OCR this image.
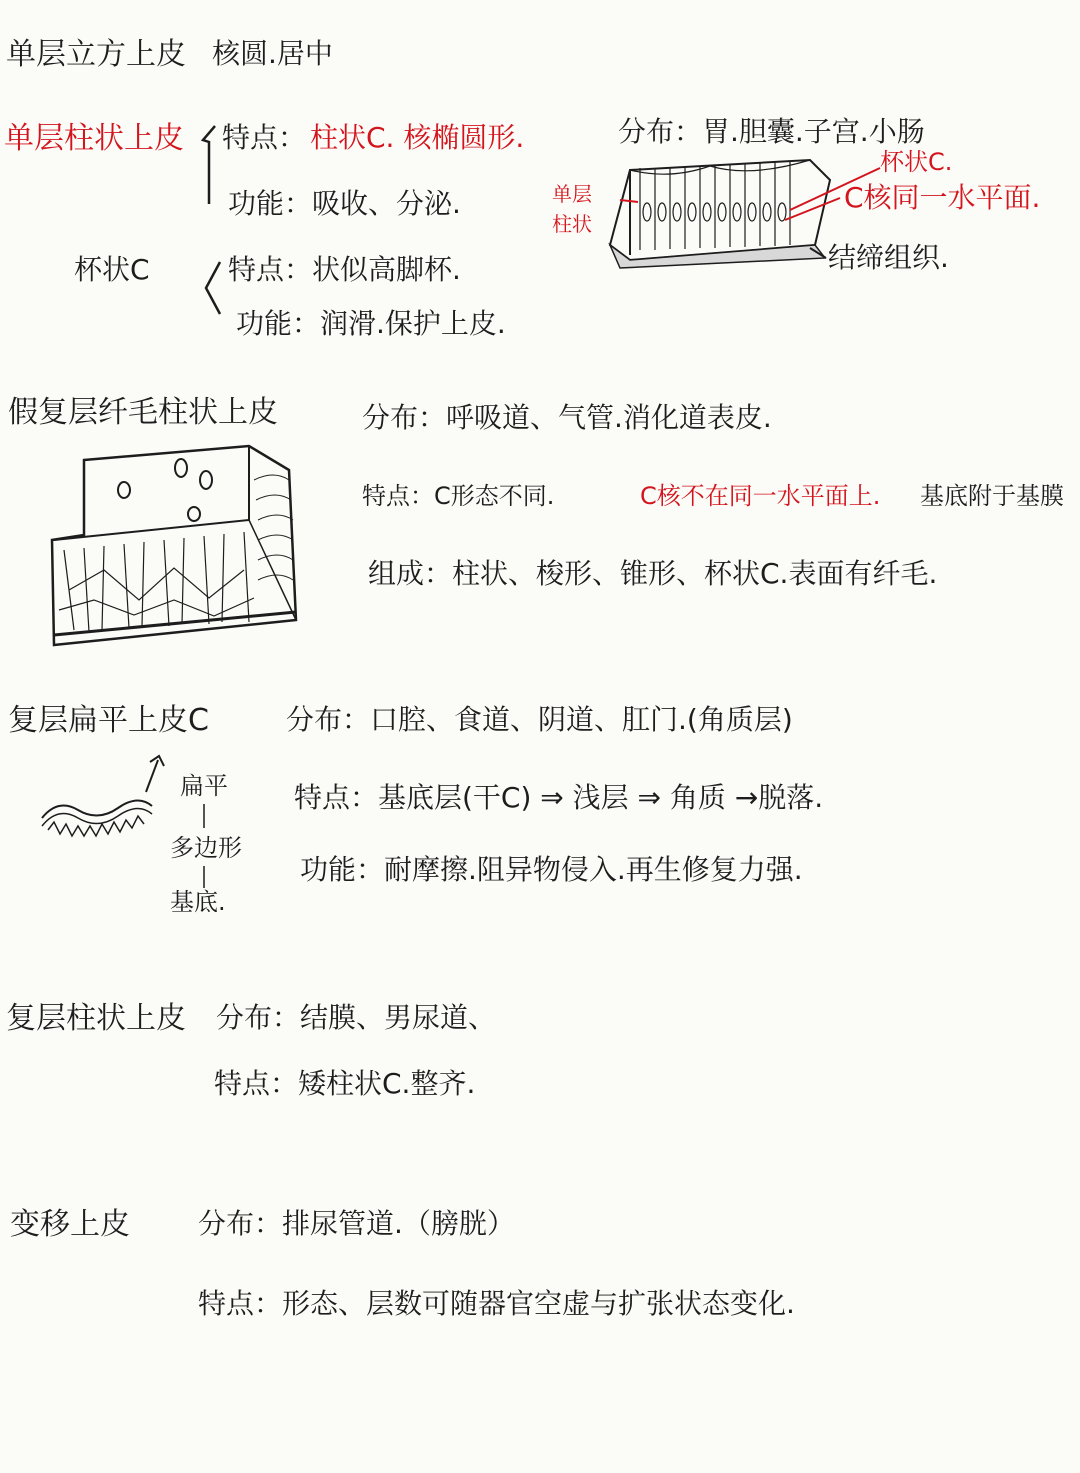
单层立方上皮 核圆.居中
单层柱状上皮 特点： 柱状C. 核椭圆形.	分布：胃.胆囊.子宫.小肠
功能：吸收、分泌.
杯状C	特点：状似高脚杯.
功能：润滑.保护上皮.
单层
柱状
杯状C.
C核同一水平面.
结缔组织.
假复层纤毛柱状上皮	分布：呼吸道、气管.消化道表皮.
特点：C形态不同.	C核不在同一水平面上. 基底附于基膜
组成：柱状、梭形、锥形、杯状C.表面有纤毛.
复层扁平上皮C	分布：口腔、食道、阴道、肛门.(角质层)
特点：基底层(干C) ⇒ 浅层 ⇒ 角质 →脱落.
功能：耐摩擦.阻异物侵入.再生修复力强.
扁平
多边形
基底.
复层柱状上皮 分布：结膜、男尿道、
特点：矮柱状C.整齐.
变移上皮 分布：排尿管道.（膀胱）
特点：形态、层数可随器官空虚与扩张状态变化.
